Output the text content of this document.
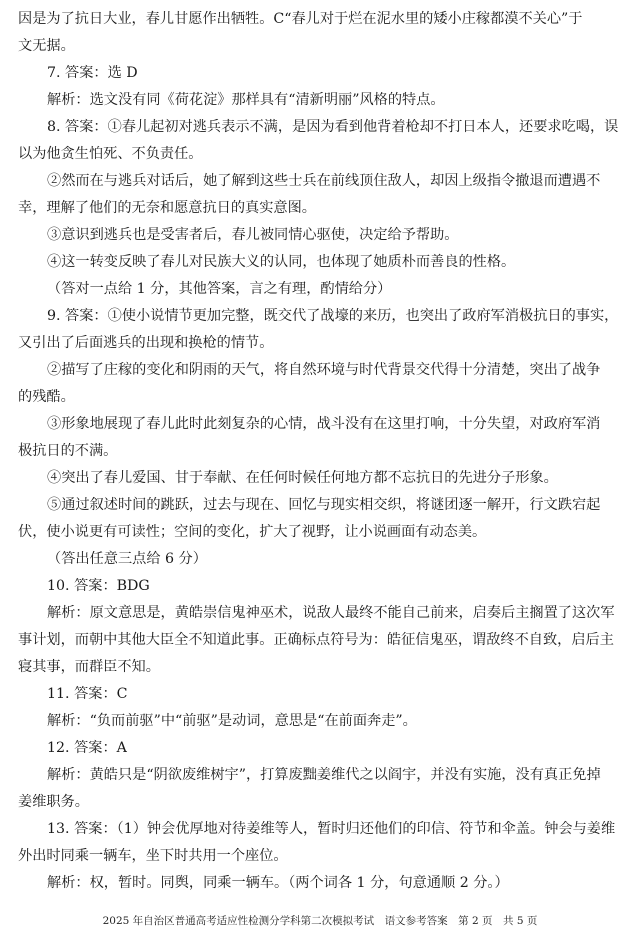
因是为了抗日大业，春儿甘愿作出牺牲。C“春儿对于烂在泥水里的矮小庄稼都漠不关心”于
文无据。
7. 答案：选 D
解析：选文没有同《荷花淀》那样具有“清新明丽”风格的特点。
8. 答案：①春儿起初对逃兵表示不满，是因为看到他背着枪却不打日本人，还要求吃喝，误
以为他贪生怕死、不负责任。
②然而在与逃兵对话后，她了解到这些士兵在前线顶住敌人，却因上级指令撤退而遭遇不
幸，理解了他们的无奈和愿意抗日的真实意图。
③意识到逃兵也是受害者后，春儿被同情心驱使，决定给予帮助。
④这一转变反映了春儿对民族大义的认同，也体现了她质朴而善良的性格。
（答对一点给 1 分，其他答案，言之有理，酌情给分）
9. 答案：①使小说情节更加完整，既交代了战壕的来历，也突出了政府军消极抗日的事实，
又引出了后面逃兵的出现和换枪的情节。
②描写了庄稼的变化和阴雨的天气，将自然环境与时代背景交代得十分清楚，突出了战争
的残酷。
③形象地展现了春儿此时此刻复杂的心情，战斗没有在这里打响，十分失望，对政府军消
极抗日的不满。
④突出了春儿爱国、甘于奉献、在任何时候任何地方都不忘抗日的先进分子形象。
⑤通过叙述时间的跳跃，过去与现在、回忆与现实相交织，将谜团逐一解开，行文跌宕起
伏，使小说更有可读性；空间的变化，扩大了视野，让小说画面有动态美。
（答出任意三点给 6 分）
10. 答案：BDG
解析：原文意思是，黄皓崇信鬼神巫术，说敌人最终不能自己前来，启奏后主搁置了这次军
事计划，而朝中其他大臣全不知道此事。正确标点符号为：皓征信鬼巫，谓敌终不自致，启后主
寝其事，而群臣不知。
11. 答案：C
解析：“负而前驱”中“前驱”是动词，意思是“在前面奔走”。
12. 答案：A
解析：黄皓只是“阴欲废维树宇”，打算废黜姜维代之以阎宇，并没有实施，没有真正免掉
姜维职务。
13. 答案：（1）钟会优厚地对待姜维等人，暂时归还他们的印信、符节和伞盖。钟会与姜维
外出时同乘一辆车，坐下时共用一个座位。
解析：权，暂时。同舆，同乘一辆车。（两个词各 1 分，句意通顺 2 分。）
2025 年自治区普通高考适应性检测分学科第二次模拟考试　语文参考答案　第 2 页　共 5 页
